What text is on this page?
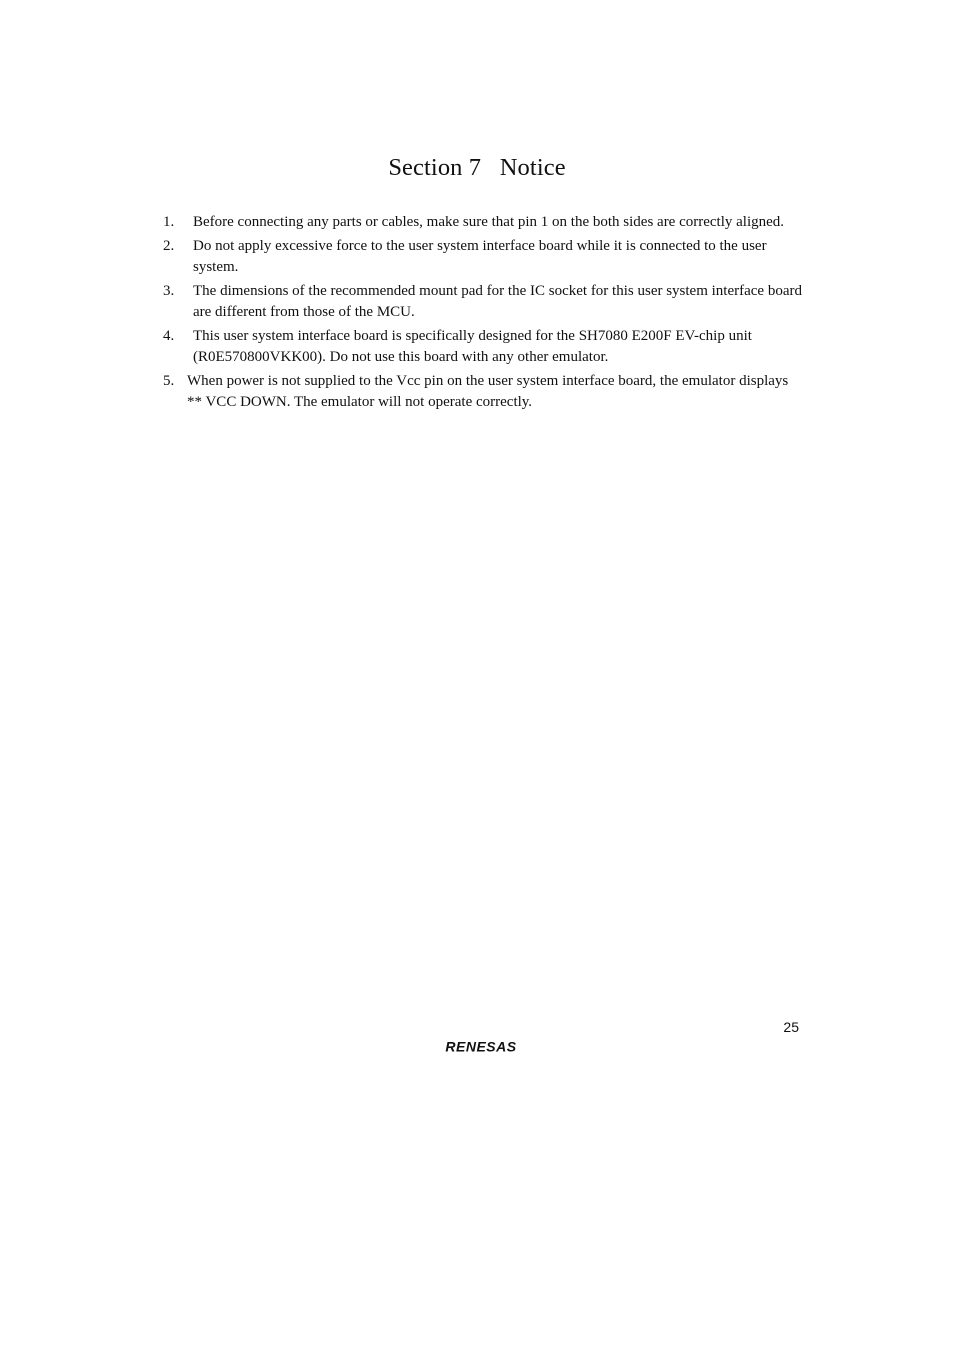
Section 7   Notice
1. Before connecting any parts or cables, make sure that pin 1 on the both sides are correctly aligned.
2. Do not apply excessive force to the user system interface board while it is connected to the user system.
3. The dimensions of the recommended mount pad for the IC socket for this user system interface board are different from those of the MCU.
4. This user system interface board is specifically designed for the SH7080 E200F EV-chip unit (R0E570800VKK00). Do not use this board with any other emulator.
5. When power is not supplied to the Vcc pin on the user system interface board, the emulator displays ** VCC DOWN. The emulator will not operate correctly.
25
RENESAS
